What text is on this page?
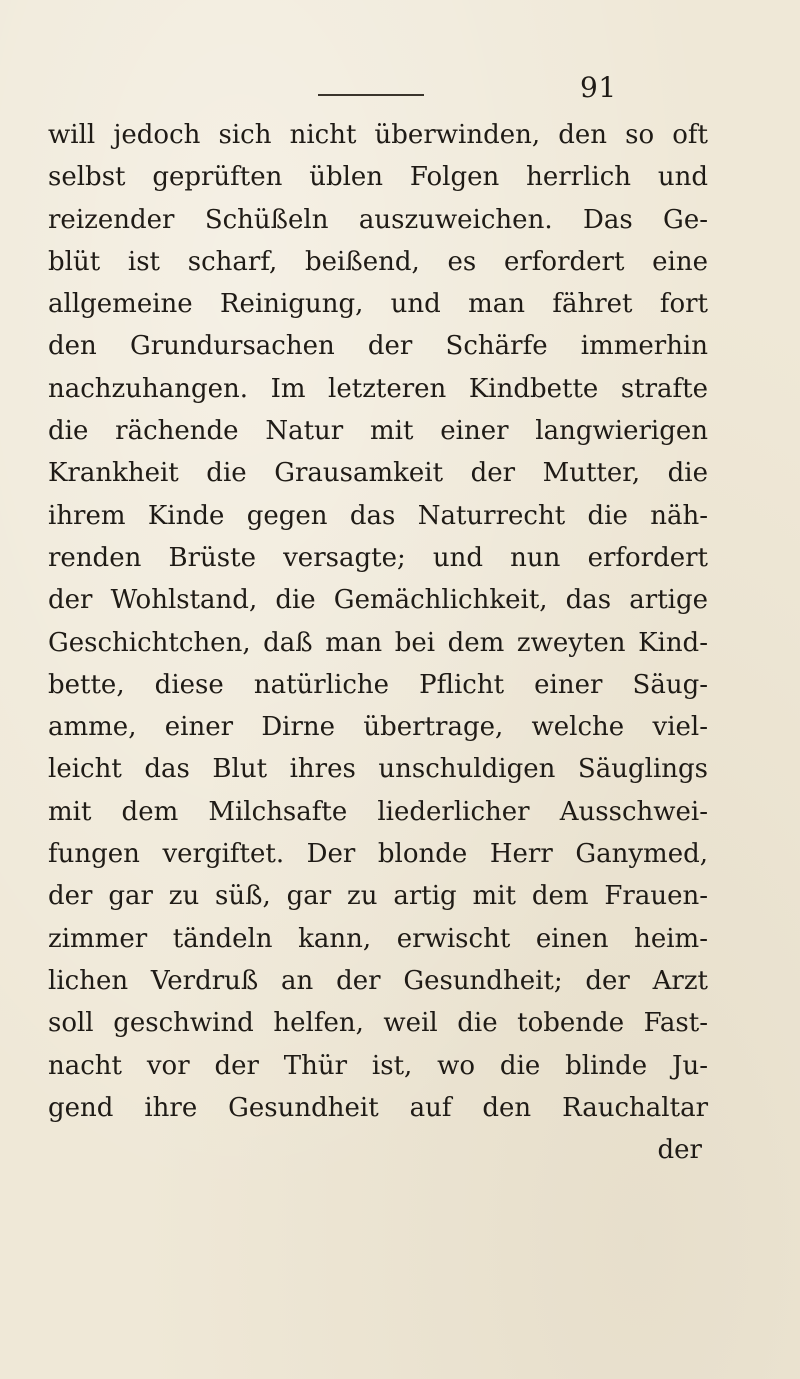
91
will jedoch sich nicht überwinden, den so oft
selbst geprüften üblen Folgen herrlich und
reizender Schüßeln auszuweichen. Das Ge-
blüt ist scharf, beißend, es erfordert eine
allgemeine Reinigung, und man fähret fort
den Grundursachen der Schärfe immerhin
nachzuhangen. Im letzteren Kindbette strafte
die rächende Natur mit einer langwierigen
Krankheit die Grausamkeit der Mutter, die
ihrem Kinde gegen das Naturrecht die näh-
renden Brüste versagte; und nun erfordert
der Wohlstand, die Gemächlichkeit, das artige
Geschichtchen, daß man bei dem zweyten Kind-
bette, diese natürliche Pflicht einer Säug-
amme, einer Dirne übertrage, welche viel-
leicht das Blut ihres unschuldigen Säuglings
mit dem Milchsafte liederlicher Ausschwei-
fungen vergiftet. Der blonde Herr Ganymed,
der gar zu süß, gar zu artig mit dem Frauen-
zimmer tändeln kann, erwischt einen heim-
lichen Verdruß an der Gesundheit; der Arzt
soll geschwind helfen, weil die tobende Fast-
nacht vor der Thür ist, wo die blinde Ju-
gend ihre Gesundheit auf den Rauchaltar
der
